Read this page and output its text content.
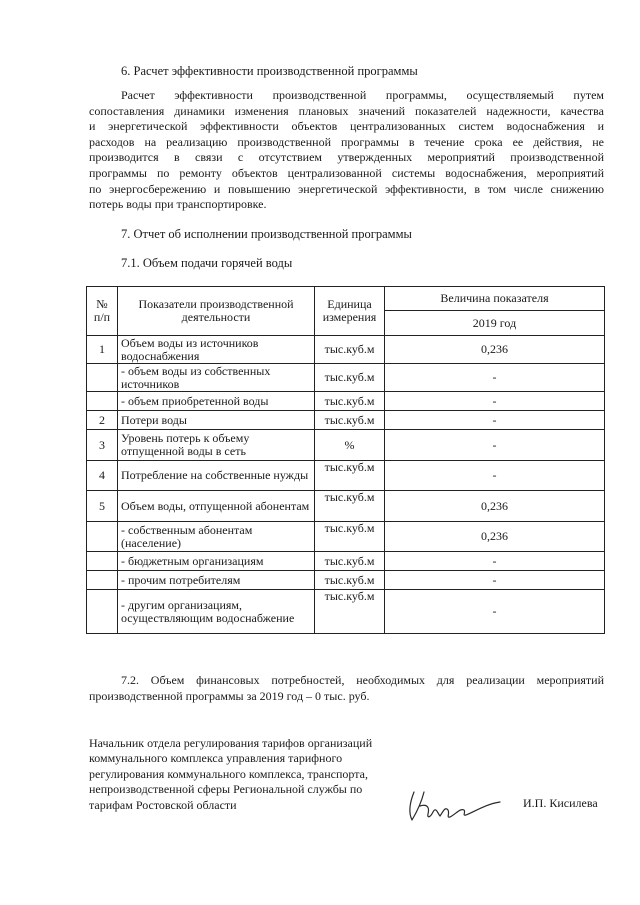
6. Расчет эффективности производственной программы
Расчет эффективности производственной программы, осуществляемый путем
сопоставления динамики изменения плановых значений показателей надежности, качества
и энергетической эффективности объектов централизованных систем водоснабжения и
расходов на реализацию производственной программы в течение срока ее действия, не
производится в связи с отсутствием утвержденных мероприятий производственной
программы по ремонту объектов централизованной системы водоснабжения, мероприятий
по энергосбережению и повышению энергетической эффективности, в том числе снижению
потерь воды при транспортировке.
7. Отчет об исполнении производственной программы
7.1. Объем подачи горячей воды
№ п/п	Показатели производственной деятельности	Единица измерения	Величина показателя
			2019 год
1	Объем воды из источников водоснабжения	тыс.куб.м	0,236
	- объем воды из собственных источников	тыс.куб.м	-
	- объем приобретенной воды	тыс.куб.м	-
2	Потери воды	тыс.куб.м	-
3	Уровень потерь к объему отпущенной воды в сеть	%	-
4	Потребление на собственные нужды	тыс.куб.м	-
5	Объем воды, отпущенной абонентам	тыс.куб.м	0,236
	- собственным абонентам (население)	тыс.куб.м	0,236
	- бюджетным организациям	тыс.куб.м	-
	- прочим потребителям	тыс.куб.м	-
	- другим организациям, осуществляющим водоснабжение	тыс.куб.м	-
7.2. Объем финансовых потребностей, необходимых для реализации мероприятий
производственной программы за 2019 год – 0 тыс. руб.
Начальник отдела регулирования тарифов организаций
коммунального комплекса управления тарифного
регулирования коммунального комплекса, транспорта,
непроизводственной сферы Региональной службы по
тарифам Ростовской области	И.П. Кисилева
